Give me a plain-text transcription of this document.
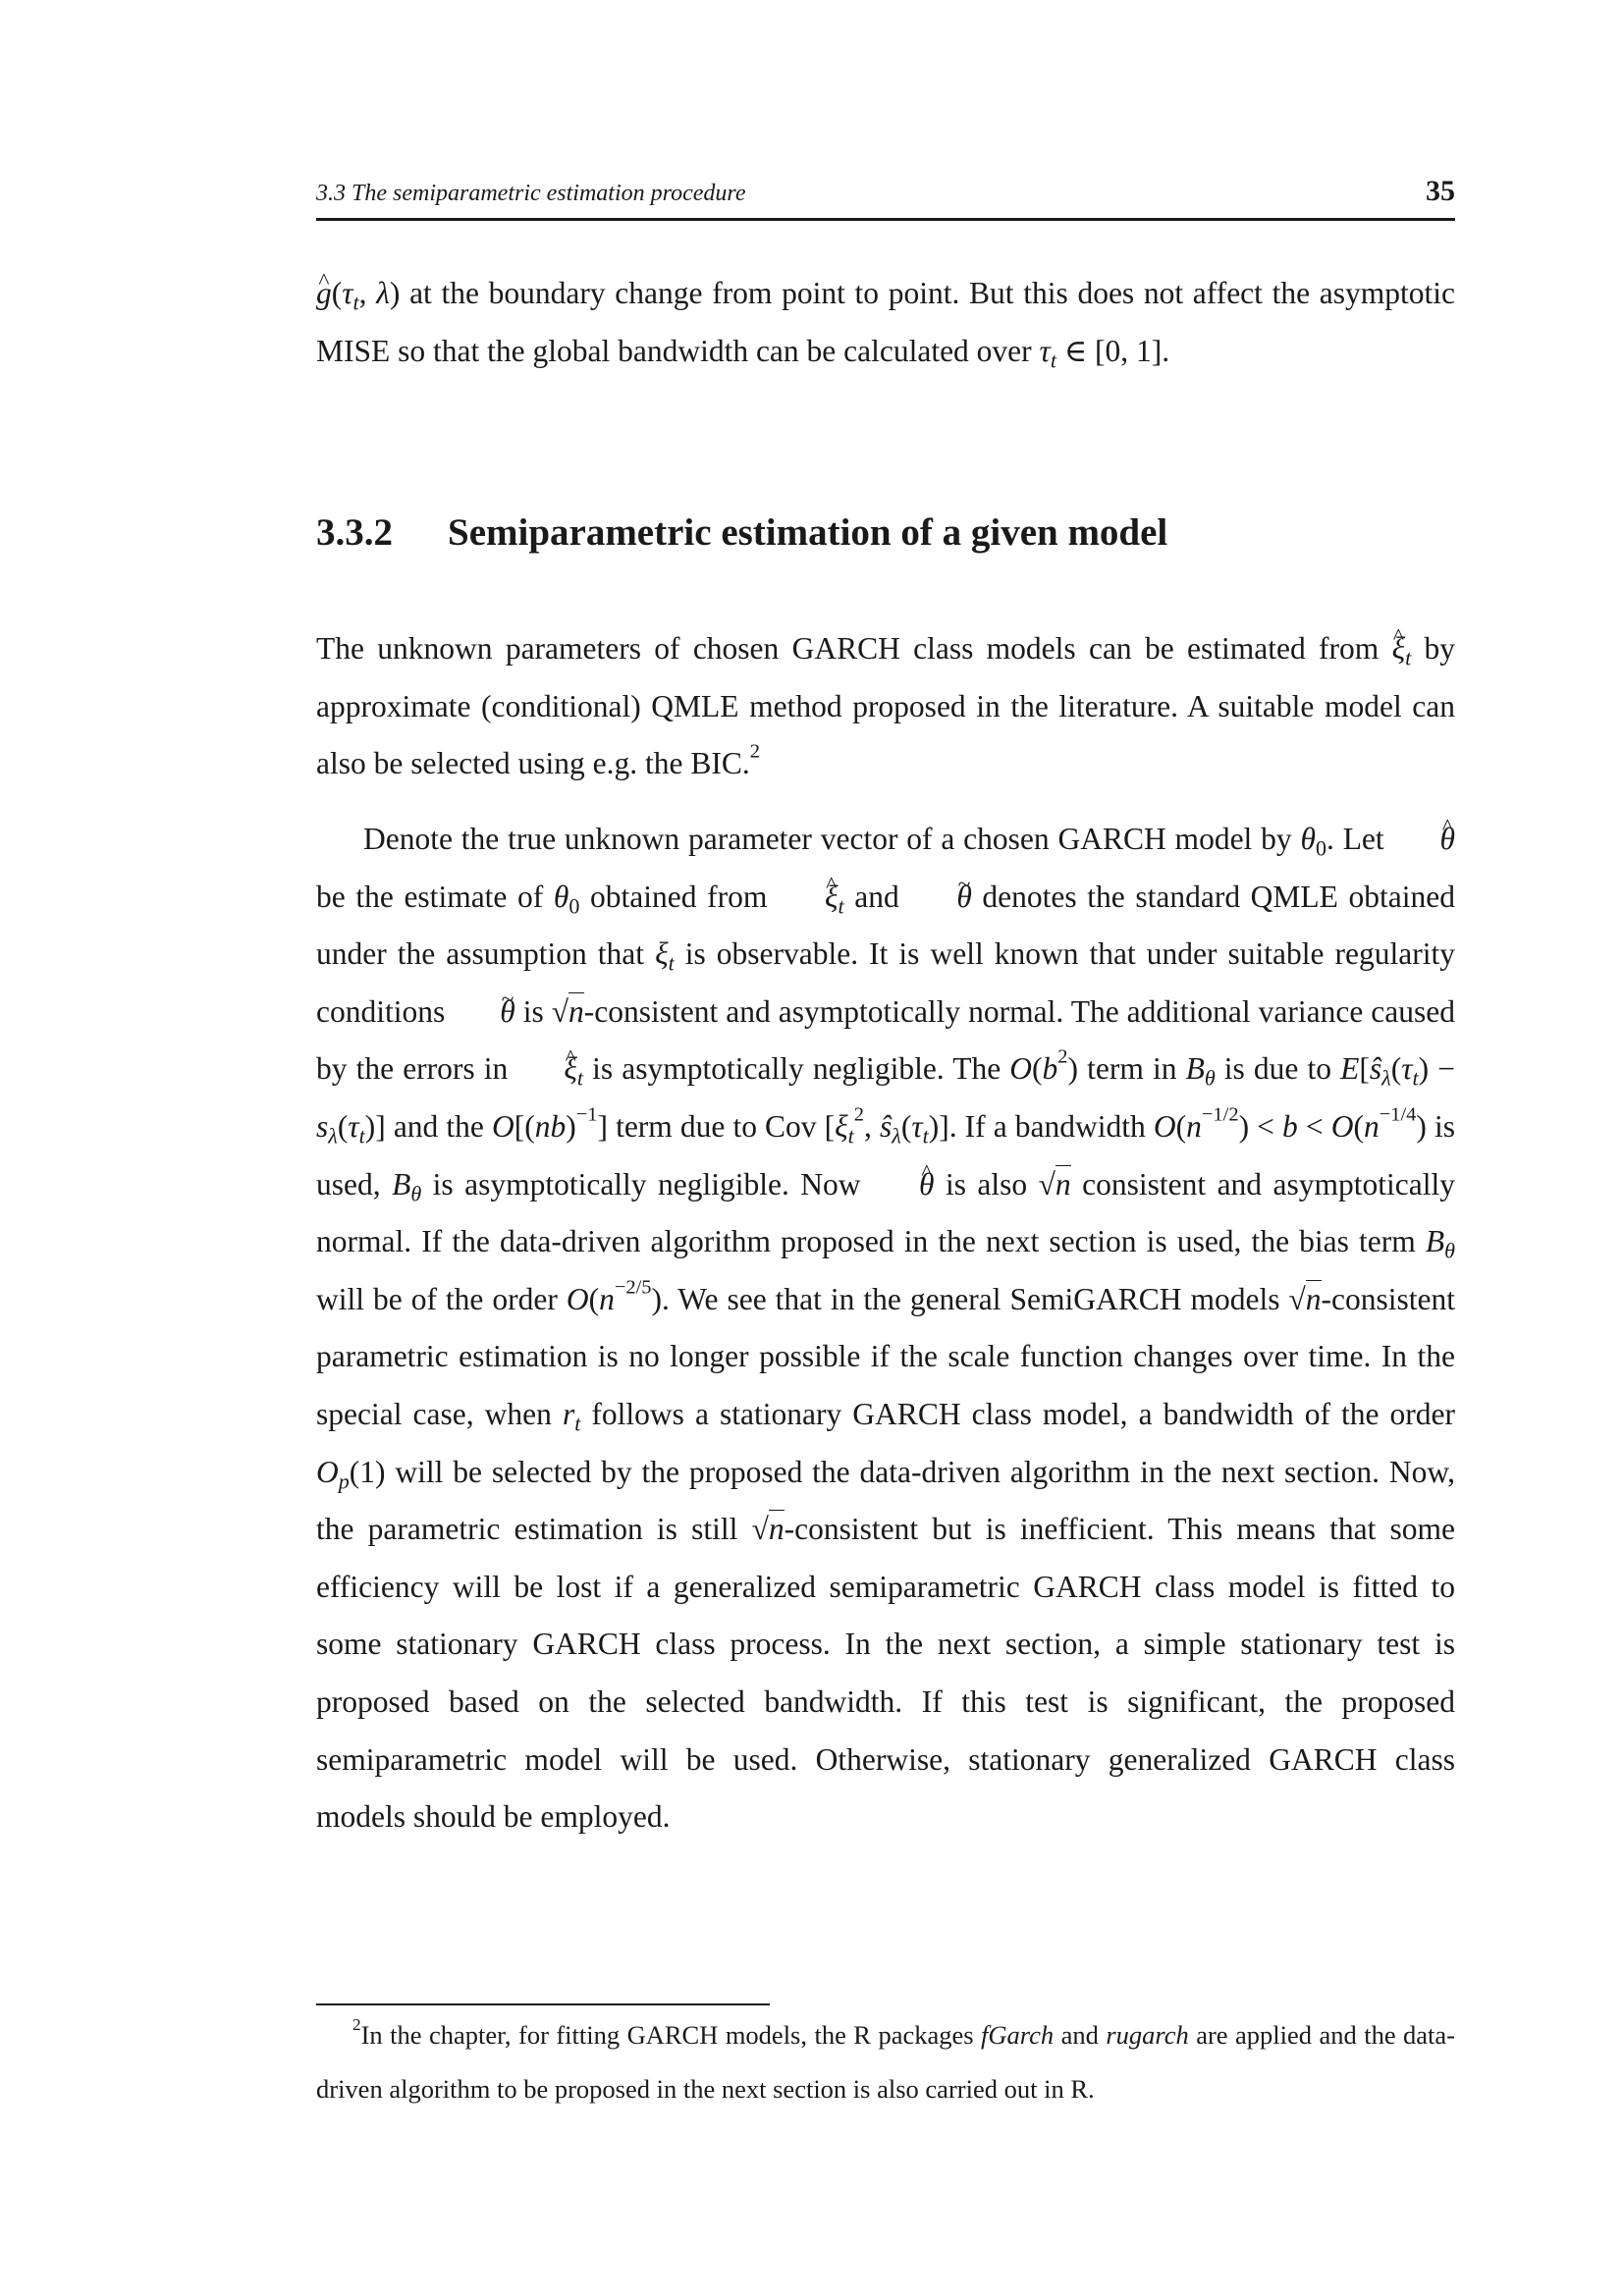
3.3 The semiparametric estimation procedure	35

^ $g(\tau_t$, λ) at the boundary change from point to point. But this does not affect the asymptotic MISE so that the global bandwidth can be calculated over $\tau_t$ ∈ [0, 1].

3.3.2 Semiparametric estimation of a given model

The unknown parameters of chosen GARCH class models can be estimated from ^ $\xi_t$ by approximate (conditional) QMLE method proposed in the literature. A suitable model can also be selected using e.g. the BIC.$^2$

Denote the true unknown parameter vector of a chosen GARCH model by $\theta_0$. Let ^ θ be the estimate of $\theta_0$ obtained from ^ $\xi_t$ and ~ θ denotes the standard QMLE obtained under the assumption that $\xi_t$ is observable. It is well known that under suitable regularity conditions ~ θ is √n-consistent and asymptotically normal. The additional variance caused by the errors in ^ $\xi_t$ is asymptotically negligible. The $O(b^2)$ term in $B_\theta$ is due to $E[ŝ_\lambda(\tau_t) - s_\lambda(\tau_t)]$ and the O[(nb)$^{-1}$] term due to Cov [$\xi_t^2$, $ŝ_\lambda(\tau_t)$]. If a bandwidth $O(n^{-1/2}) < b < O(n^{-1/4})$ is used, $B_\theta$ is asymptotically negligible. Now ^ θ is also √n consistent and asymptotically normal. If the data-driven algorithm proposed in the next section is used, the bias term $B_\theta$ will be of the order $O(n^{-2/5})$. We see that in the general SemiGARCH models √n-consistent parametric estimation is no longer possible if the scale function changes over time. In the special case, when $r_t$ follows a stationary GARCH class model, a bandwidth of the order $O_p(1)$ will be selected by the proposed the data-driven algorithm in the next section. Now, the parametric estimation is still √n-consistent but is inefficient. This means that some efficiency will be lost if a generalized semiparametric GARCH class model is fitted to some stationary GARCH class process. In the next section, a simple stationary test is proposed based on the selected bandwidth. If this test is significant, the proposed semiparametric model will be used. Otherwise, stationary generalized GARCH class models should be employed.

$^2$In the chapter, for fitting GARCH models, the R packages fGarch and rugarch are applied and the data-driven algorithm to be proposed in the next section is also carried out in R.
